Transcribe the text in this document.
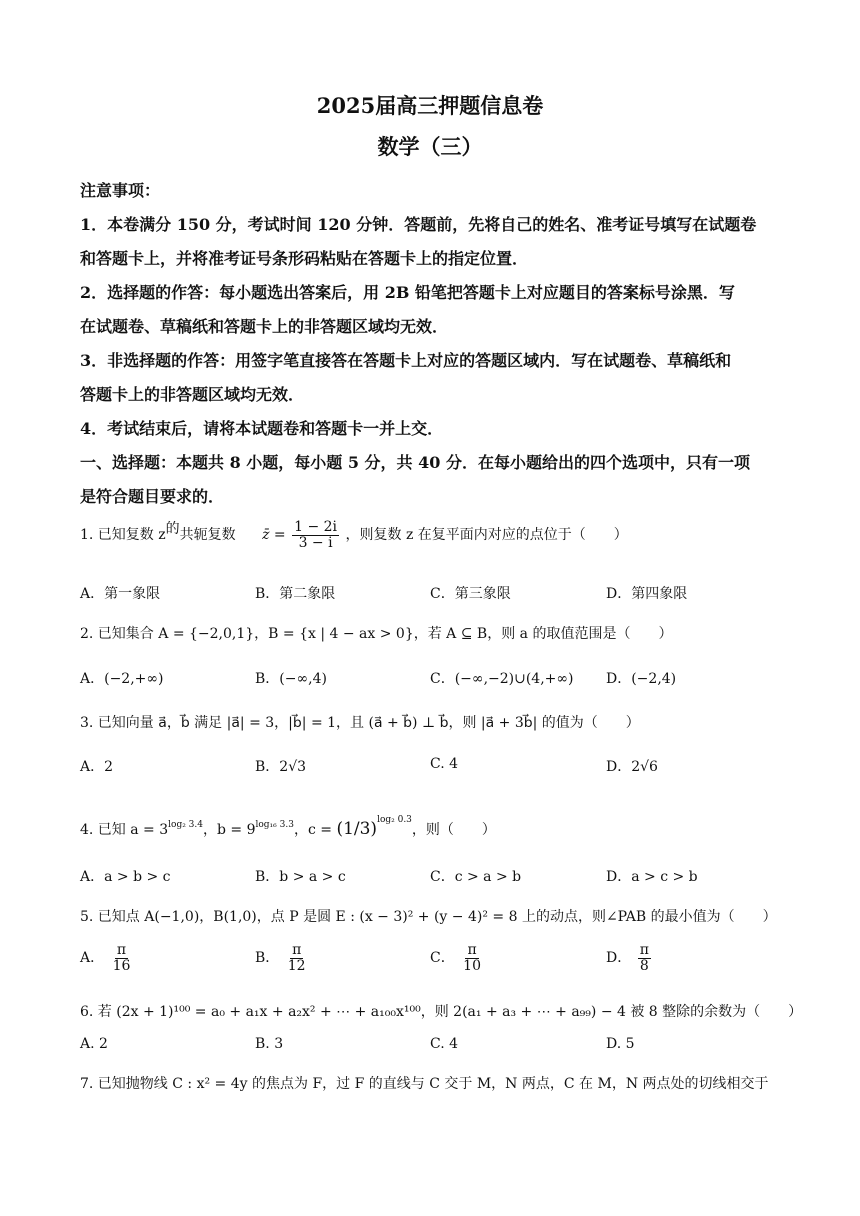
2025届高三押题信息卷
数学（三）
注意事项：
1．本卷满分 150 分，考试时间 120 分钟．答题前，先将自己的姓名、准考证号填写在试题卷
和答题卡上，并将准考证号条形码粘贴在答题卡上的指定位置．
2．选择题的作答：每小题选出答案后，用 2B 铅笔把答题卡上对应题目的答案标号涂黑．写
在试题卷、草稿纸和答题卡上的非答题区域均无效．
3．非选择题的作答：用签字笔直接答在答题卡上对应的答题区域内．写在试题卷、草稿纸和
答题卡上的非答题区域均无效．
4．考试结束后，请将本试题卷和答题卡一并上交．
一、选择题：本题共 8 小题，每小题 5 分，共 40 分．在每小题给出的四个选项中，只有一项
是符合题目要求的．
1. 已知复数 z的共轭复数 z̄ = $\frac{1 - 2i}{3 - i}$ ，则复数 z 在复平面内对应的点位于（　　）
A．第一象限	B．第二象限	C．第三象限	D．第四象限
2. 已知集合 A = {−2,0,1}，B = {x | 4 − ax > 0}，若 A ⊆ B，则 a 的取值范围是（　　）
A．(−2,+∞)	B．(−∞,4)	C．(−∞,−2)∪(4,+∞) D．(−2,4)
3. 已知向量 a⃗，b⃗ 满足 |a⃗| = 3，|b⃗| = 1，且 (a⃗ + b⃗) ⊥ b⃗，则 |a⃗ + 3b⃗| 的值为（　　）
A．2	B．2√3	C. 4	D．2√6
4. 已知 $a = 3^{log_2 3.4}$，$b = 9^{log_{16} 3.3}$，$c = (1/3)^{log_2 0.3}$，则（　　）
A．a > b > c	B．b > a > c	C．c > a > b	D．a > c > b
5. 已知点 A(−1,0)，B(1,0)，点 P 是圆 E : (x − 3)² + (y − 4)² = 8 上的动点，则∠PAB 的最小值为（　　）
A． $\frac{\pi}{16}$	B． $\frac{\pi}{12}$	C． $\frac{\pi}{10}$	D． $\frac{\pi}{8}$
6. 若 (2x + 1)¹⁰⁰ = a₀ + a₁x + a₂x² + ⋯ + a₁₀₀x¹⁰⁰，则 2(a₁ + a₃ + ⋯ + a₉₉) − 4 被 8 整除的余数为（　　）
A. 2	B. 3	C. 4	D. 5
7. 已知抛物线 C : x² = 4y 的焦点为 F，过 F 的直线与 C 交于 M，N 两点，C 在 M，N 两点处的切线相交于
